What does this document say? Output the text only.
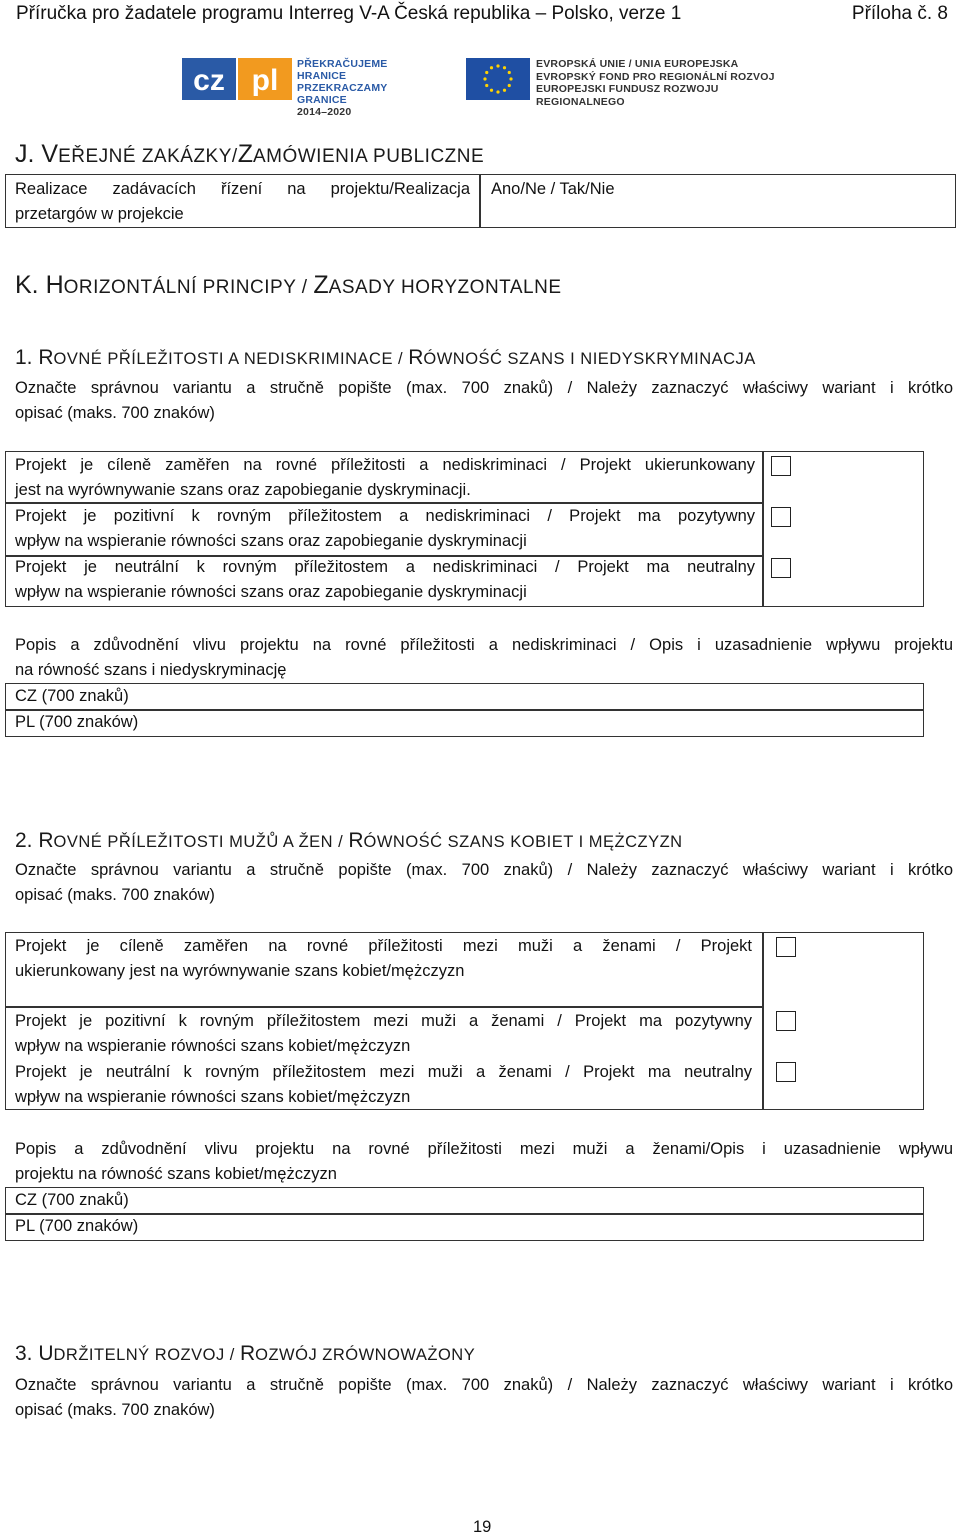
Příručka pro žadatele programu Interreg V-A Česká republika – Polsko, verze 1	Příloha č. 8
cz pl PŘEKRAČUJEME HRANICE
PRZEKRACZAMY GRANICE
2014–2020
EVROPSKÁ UNIE / UNIA EUROPEJSKA
EVROPSKÝ FOND PRO REGIONÁLNÍ ROZVOJ
EUROPEJSKI FUNDUSZ ROZWOJU REGIONALNEGO
J. VEŘEJNÉ ZAKÁZKY/ZAMÓWIENIA PUBLICZNE
Realizace zadávacích řízení na projektu/Realizacja
przetargów w projekcie
Ano/Ne / Tak/Nie
K. HORIZONTÁLNÍ PRINCIPY / ZASADY HORYZONTALNE
1. ROVNÉ PŘÍLEŽITOSTI A NEDISKRIMINACE / RÓWNOŚĆ SZANS I NIEDYSKRYMINACJA
Označte správnou variantu a stručně popište (max. 700 znaků) / Należy zaznaczyć właściwy wariant i krótko
opisać (maks. 700 znaków)
Projekt je cíleně zaměřen na rovné příležitosti a nediskriminaci / Projekt ukierunkowany
jest na wyrównywanie szans oraz zapobieganie dyskryminacji.
Projekt je pozitivní k rovným příležitostem a nediskriminaci / Projekt ma pozytywny
wpływ na wspieranie równości szans oraz zapobieganie dyskryminacji
Projekt je neutrální k rovným příležitostem a nediskriminaci / Projekt ma neutralny
wpływ na wspieranie równości szans oraz zapobieganie dyskryminacji
Popis a zdůvodnění vlivu projektu na rovné příležitosti a nediskriminaci / Opis i uzasadnienie wpływu projektu
na równość szans i niedyskryminację
CZ (700 znaků)
PL (700 znaków)
2. ROVNÉ PŘÍLEŽITOSTI MUŽŮ A ŽEN / RÓWNOŚĆ SZANS KOBIET I MĘŻCZYZN
Označte správnou variantu a stručně popište (max. 700 znaků) / Należy zaznaczyć właściwy wariant i krótko
opisać (maks. 700 znaków)
Projekt je cíleně zaměřen na rovné příležitosti mezi muži a ženami / Projekt
ukierunkowany jest na wyrównywanie szans kobiet/mężczyzn
Projekt je pozitivní k rovným příležitostem mezi muži a ženami / Projekt ma pozytywny
wpływ na wspieranie równości szans kobiet/mężczyzn
Projekt je neutrální k rovným příležitostem mezi muži a ženami / Projekt ma neutralny
wpływ na wspieranie równości szans kobiet/mężczyzn
Popis a zdůvodnění vlivu projektu na rovné příležitosti mezi muži a ženami/Opis i uzasadnienie wpływu
projektu na równość szans kobiet/mężczyzn
CZ (700 znaků)
PL (700 znaków)
3. UDRŽITELNÝ ROZVOJ / ROZWÓJ ZRÓWNOWAŻONY
Označte správnou variantu a stručně popište (max. 700 znaků) / Należy zaznaczyć właściwy wariant i krótko
opisać (maks. 700 znaków)
19
